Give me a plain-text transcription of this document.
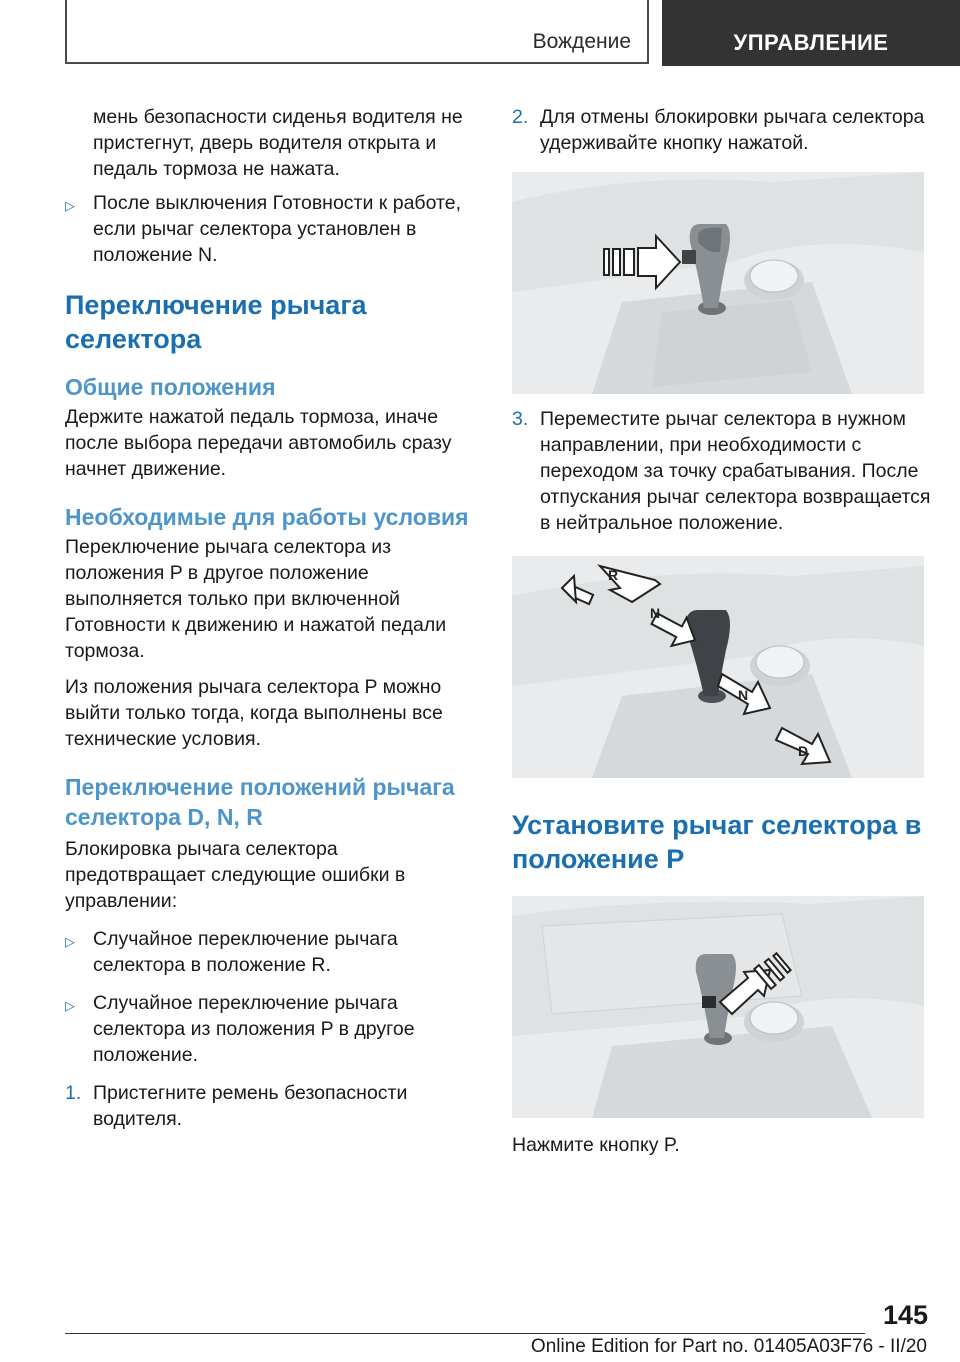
Вождение	УПРАВЛЕНИЕ
мень безопасности сиденья водителя не пристегнут, дверь водителя открыта и педаль тормоза не нажата.
▷ После выключения Готовности к работе, если рычаг селектора установлен в положение N.
Переключение рычага селектора
Общие положения

Держите нажатой педаль тормоза, иначе после выбора передачи автомобиль сразу начнет движение.

Необходимые для работы условия

Переключение рычага селектора из положения P в другое положение выполняется только при включенной Готовности к движению и нажатой педали тормоза.

Из положения рычага селектора P можно выйти только тогда, когда выполнены все технические условия.

Переключение положений рычага селектора D, N, R

Блокировка рычага селектора предотвращает следующие ошибки в управлении:

▷ Случайное переключение рычага селектора в положение R.
▷ Случайное переключение рычага селектора из положения P в другое положение.
1. Пристегните ремень безопасности водителя.
2. Для отмены блокировки рычага селектора удерживайте кнопку нажатой.
3. Переместите рычаг селектора в нужном направлении, при необходимости с переходом за точку срабатывания. После отпускания рычаг селектора возвращается в нейтральное положение.
R
N
N
D
Установите рычаг селектора в положение P

Нажмите кнопку P.

145
Online Edition for Part no. 01405A03F76 - II/20
